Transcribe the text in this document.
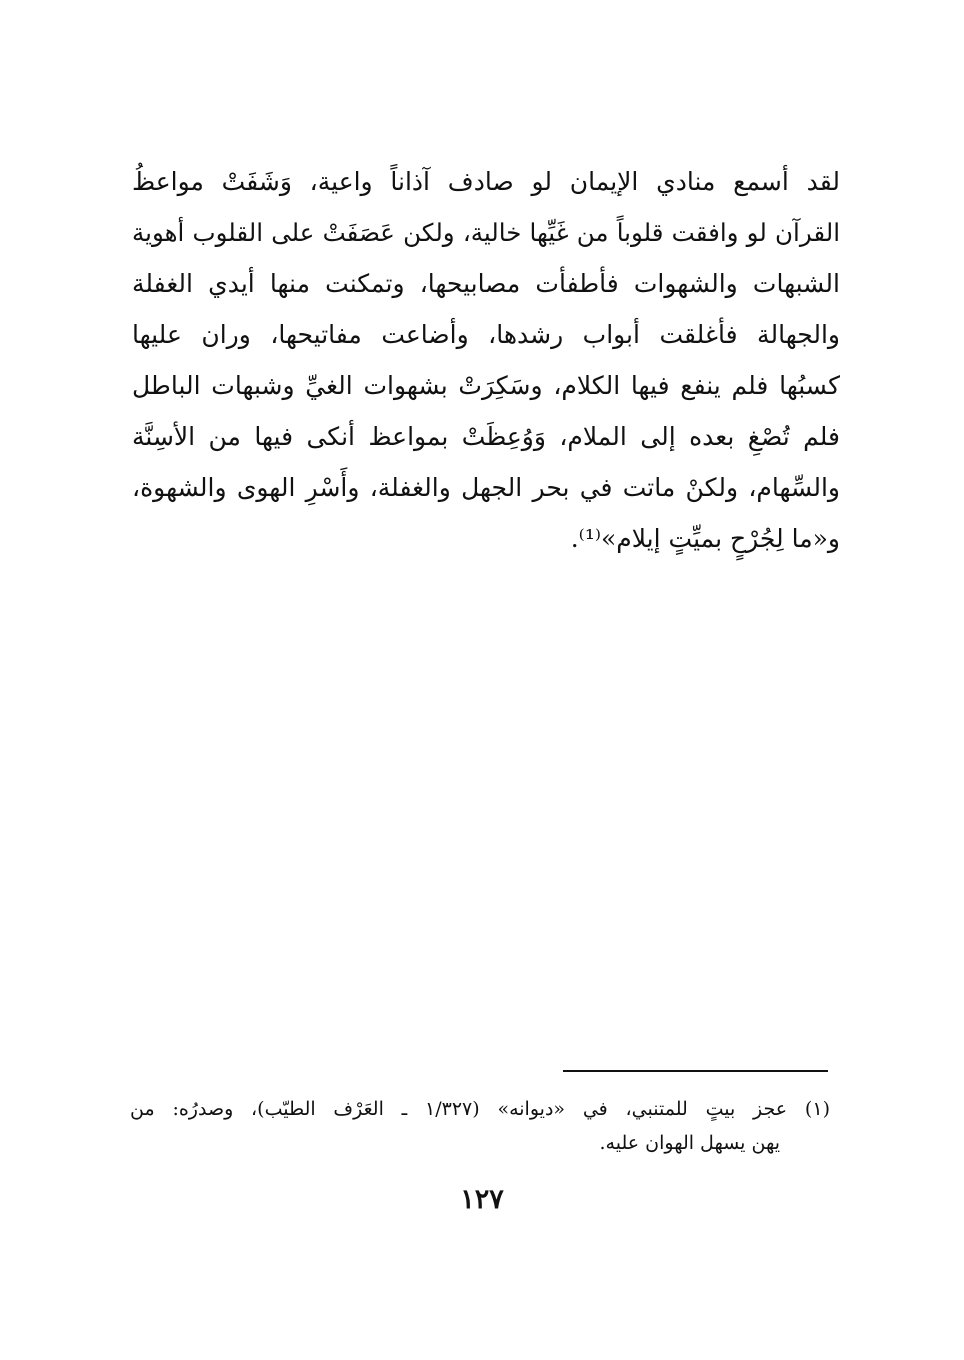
لقد أسمع منادي الإيمان لو صادف آذاناً واعية، وَشَفَتْ مواعظُ
القرآن لو وافقت قلوباً من غَيِّها خالية، ولكن عَصَفَتْ على القلوب أهوية
الشبهات والشهوات فأطفأت مصابيحها، وتمكنت منها أيدي الغفلة
والجهالة فأغلقت أبواب رشدها، وأضاعت مفاتيحها، وران عليها
كسبُها فلم ينفع فيها الكلام، وسَكِرَتْ بشهوات الغيِّ وشبهات الباطل
فلم تُصْغِ بعده إلى الملام، وَوُعِظَتْ بمواعظ أنكى فيها من الأسِنَّة
والسِّهام، ولكنْ ماتت في بحر الجهل والغفلة، وأَسْرِ الهوى والشهوة،
و«ما لِجُرْحٍ بميِّتٍ إيلام»⁽¹⁾.
(١) عجز بيتٍ للمتنبي، في «ديوانه» (١/٣٢٧ ـ العَرْف الطيّب)، وصدرُه: من
يهن يسهل الهوان عليه.
١٢٧
